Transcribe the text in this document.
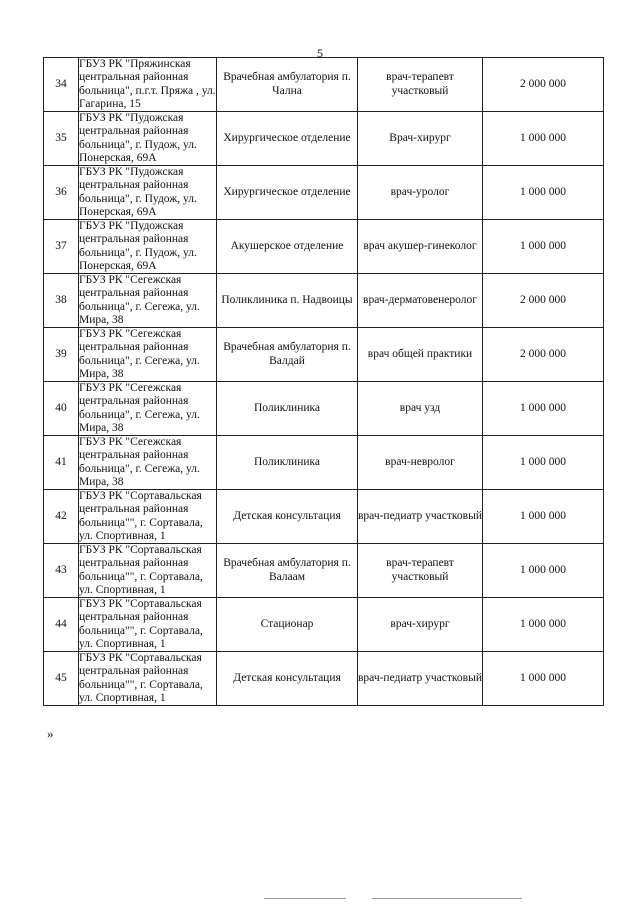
5
34	ГБУЗ РК "Пряжинская центральная районная больница", п.г.т. Пряжа , ул. Гагарина, 15	Врачебная амбулатория п. Чална	врач-терапевт участковый	2 000 000
35	ГБУЗ РК "Пудожская центральная районная больница", г. Пудож, ул. Понерская, 69А	Хирургическое отделение	Врач-хирург	1 000 000
36	ГБУЗ РК "Пудожская центральная районная больница", г. Пудож, ул. Понерская, 69А	Хирургическое отделение	врач-уролог	1 000 000
37	ГБУЗ РК "Пудожская центральная районная больница", г. Пудож, ул. Понерская, 69А	Акушерское отделение	врач акушер-гинеколог	1 000 000
38	ГБУЗ РК "Сегежская центральная районная больница", г. Сегежа, ул. Мира, 38	Поликлиника п. Надвоицы	врач-дерматовенеролог	2 000 000
39	ГБУЗ РК "Сегежская центральная районная больница", г. Сегежа, ул. Мира, 38	Врачебная амбулатория п. Валдай	врач общей практики	2 000 000
40	ГБУЗ РК "Сегежская центральная районная больница", г. Сегежа, ул. Мира, 38	Поликлиника	врач узд	1 000 000
41	ГБУЗ РК "Сегежская центральная районная больница", г. Сегежа, ул. Мира, 38	Поликлиника	врач-невролог	1 000 000
42	ГБУЗ РК "Сортавальская центральная районная больница"", г. Сортавала, ул. Спортивная, 1	Детская консультация	врач-педиатр участковый	1 000 000
43	ГБУЗ РК "Сортавальская центральная районная больница"", г. Сортавала, ул. Спортивная, 1	Врачебная амбулатория п. Валаам	врач-терапевт участковый	1 000 000
44	ГБУЗ РК "Сортавальская центральная районная больница"", г. Сортавала, ул. Спортивная, 1	Стационар	врач-хирург	1 000 000
45	ГБУЗ РК "Сортавальская центральная районная больница"", г. Сортавала, ул. Спортивная, 1	Детская консультация	врач-педиатр участковый	1 000 000
»
